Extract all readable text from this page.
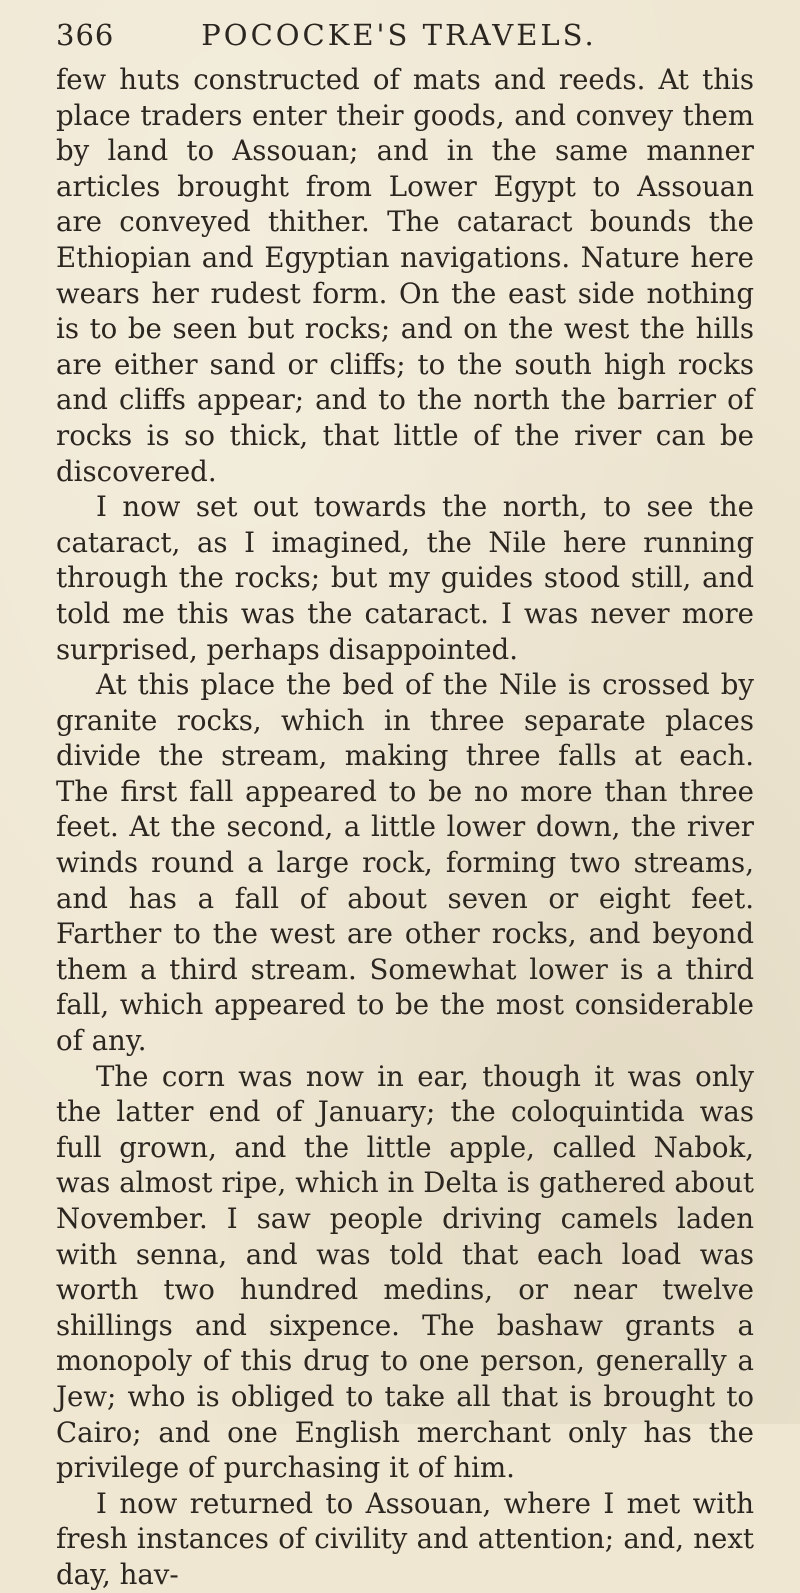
366	POCOCKE'S TRAVELS.

few huts constructed of mats and reeds. At this place traders enter their goods, and convey them by land to Assouan; and in the same manner articles brought from Lower Egypt to Assouan are conveyed thither. The cataract bounds the Ethiopian and Egyptian navigations. Nature here wears her rudest form. On the east side nothing is to be seen but rocks; and on the west the hills are either sand or cliffs; to the south high rocks and cliffs appear; and to the north the barrier of rocks is so thick, that little of the river can be discovered.

I now set out towards the north, to see the cataract, as I imagined, the Nile here running through the rocks; but my guides stood still, and told me this was the cataract. I was never more surprised, perhaps disappointed.

At this place the bed of the Nile is crossed by granite rocks, which in three separate places divide the stream, making three falls at each. The first fall appeared to be no more than three feet. At the second, a little lower down, the river winds round a large rock, forming two streams, and has a fall of about seven or eight feet. Farther to the west are other rocks, and beyond them a third stream. Somewhat lower is a third fall, which appeared to be the most considerable of any.

The corn was now in ear, though it was only the latter end of January; the coloquintida was full grown, and the little apple, called Nabok, was almost ripe, which in Delta is gathered about November. I saw people driving camels laden with senna, and was told that each load was worth two hundred medins, or near twelve shillings and sixpence. The bashaw grants a monopoly of this drug to one person, generally a Jew; who is obliged to take all that is brought to Cairo; and one English merchant only has the privilege of purchasing it of him.

I now returned to Assouan, where I met with fresh instances of civility and attention; and, next day, hav-
